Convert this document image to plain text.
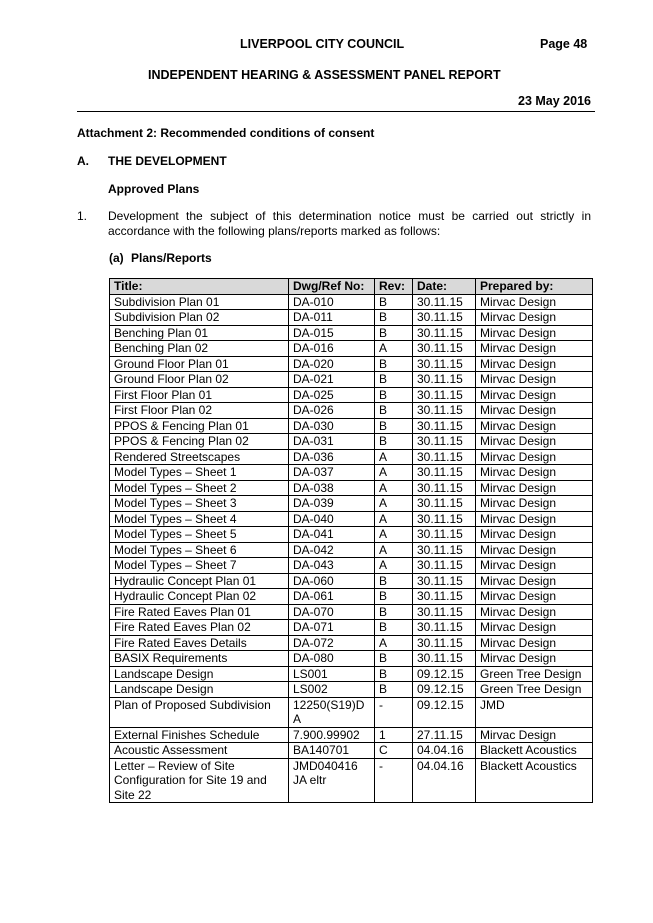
LIVERPOOL CITY COUNCIL	Page 48
INDEPENDENT HEARING & ASSESSMENT PANEL REPORT
23 May 2016
Attachment 2: Recommended conditions of consent
A. THE DEVELOPMENT
Approved Plans
1. Development the subject of this determination notice must be carried out strictly in
accordance with the following plans/reports marked as follows:
(a) Plans/Reports
Title:	Dwg/Ref No:	Rev:	Date:	Prepared by:
Subdivision Plan 01	DA-010	B	30.11.15	Mirvac Design
Subdivision Plan 02	DA-011	B	30.11.15	Mirvac Design
Benching Plan 01	DA-015	B	30.11.15	Mirvac Design
Benching Plan 02	DA-016	A	30.11.15	Mirvac Design
Ground Floor Plan 01	DA-020	B	30.11.15	Mirvac Design
Ground Floor Plan 02	DA-021	B	30.11.15	Mirvac Design
First Floor Plan 01	DA-025	B	30.11.15	Mirvac Design
First Floor Plan 02	DA-026	B	30.11.15	Mirvac Design
PPOS & Fencing Plan 01	DA-030	B	30.11.15	Mirvac Design
PPOS & Fencing Plan 02	DA-031	B	30.11.15	Mirvac Design
Rendered Streetscapes	DA-036	A	30.11.15	Mirvac Design
Model Types – Sheet 1	DA-037	A	30.11.15	Mirvac Design
Model Types – Sheet 2	DA-038	A	30.11.15	Mirvac Design
Model Types – Sheet 3	DA-039	A	30.11.15	Mirvac Design
Model Types – Sheet 4	DA-040	A	30.11.15	Mirvac Design
Model Types – Sheet 5	DA-041	A	30.11.15	Mirvac Design
Model Types – Sheet 6	DA-042	A	30.11.15	Mirvac Design
Model Types – Sheet 7	DA-043	A	30.11.15	Mirvac Design
Hydraulic Concept Plan 01	DA-060	B	30.11.15	Mirvac Design
Hydraulic Concept Plan 02	DA-061	B	30.11.15	Mirvac Design
Fire Rated Eaves Plan 01	DA-070	B	30.11.15	Mirvac Design
Fire Rated Eaves Plan 02	DA-071	B	30.11.15	Mirvac Design
Fire Rated Eaves Details	DA-072	A	30.11.15	Mirvac Design
BASIX Requirements	DA-080	B	30.11.15	Mirvac Design
Landscape Design	LS001	B	09.12.15	Green Tree Design
Landscape Design	LS002	B	09.12.15	Green Tree Design
Plan of Proposed Subdivision	12250(S19)D
A	-	09.12.15	JMD
External Finishes Schedule	7.900.99902	1	27.11.15	Mirvac Design
Acoustic Assessment	BA140701	C	04.04.16	Blackett Acoustics
Letter – Review of Site
Configuration for Site 19 and
Site 22	JMD040416
JA eltr	-	04.04.16	Blackett Acoustics
